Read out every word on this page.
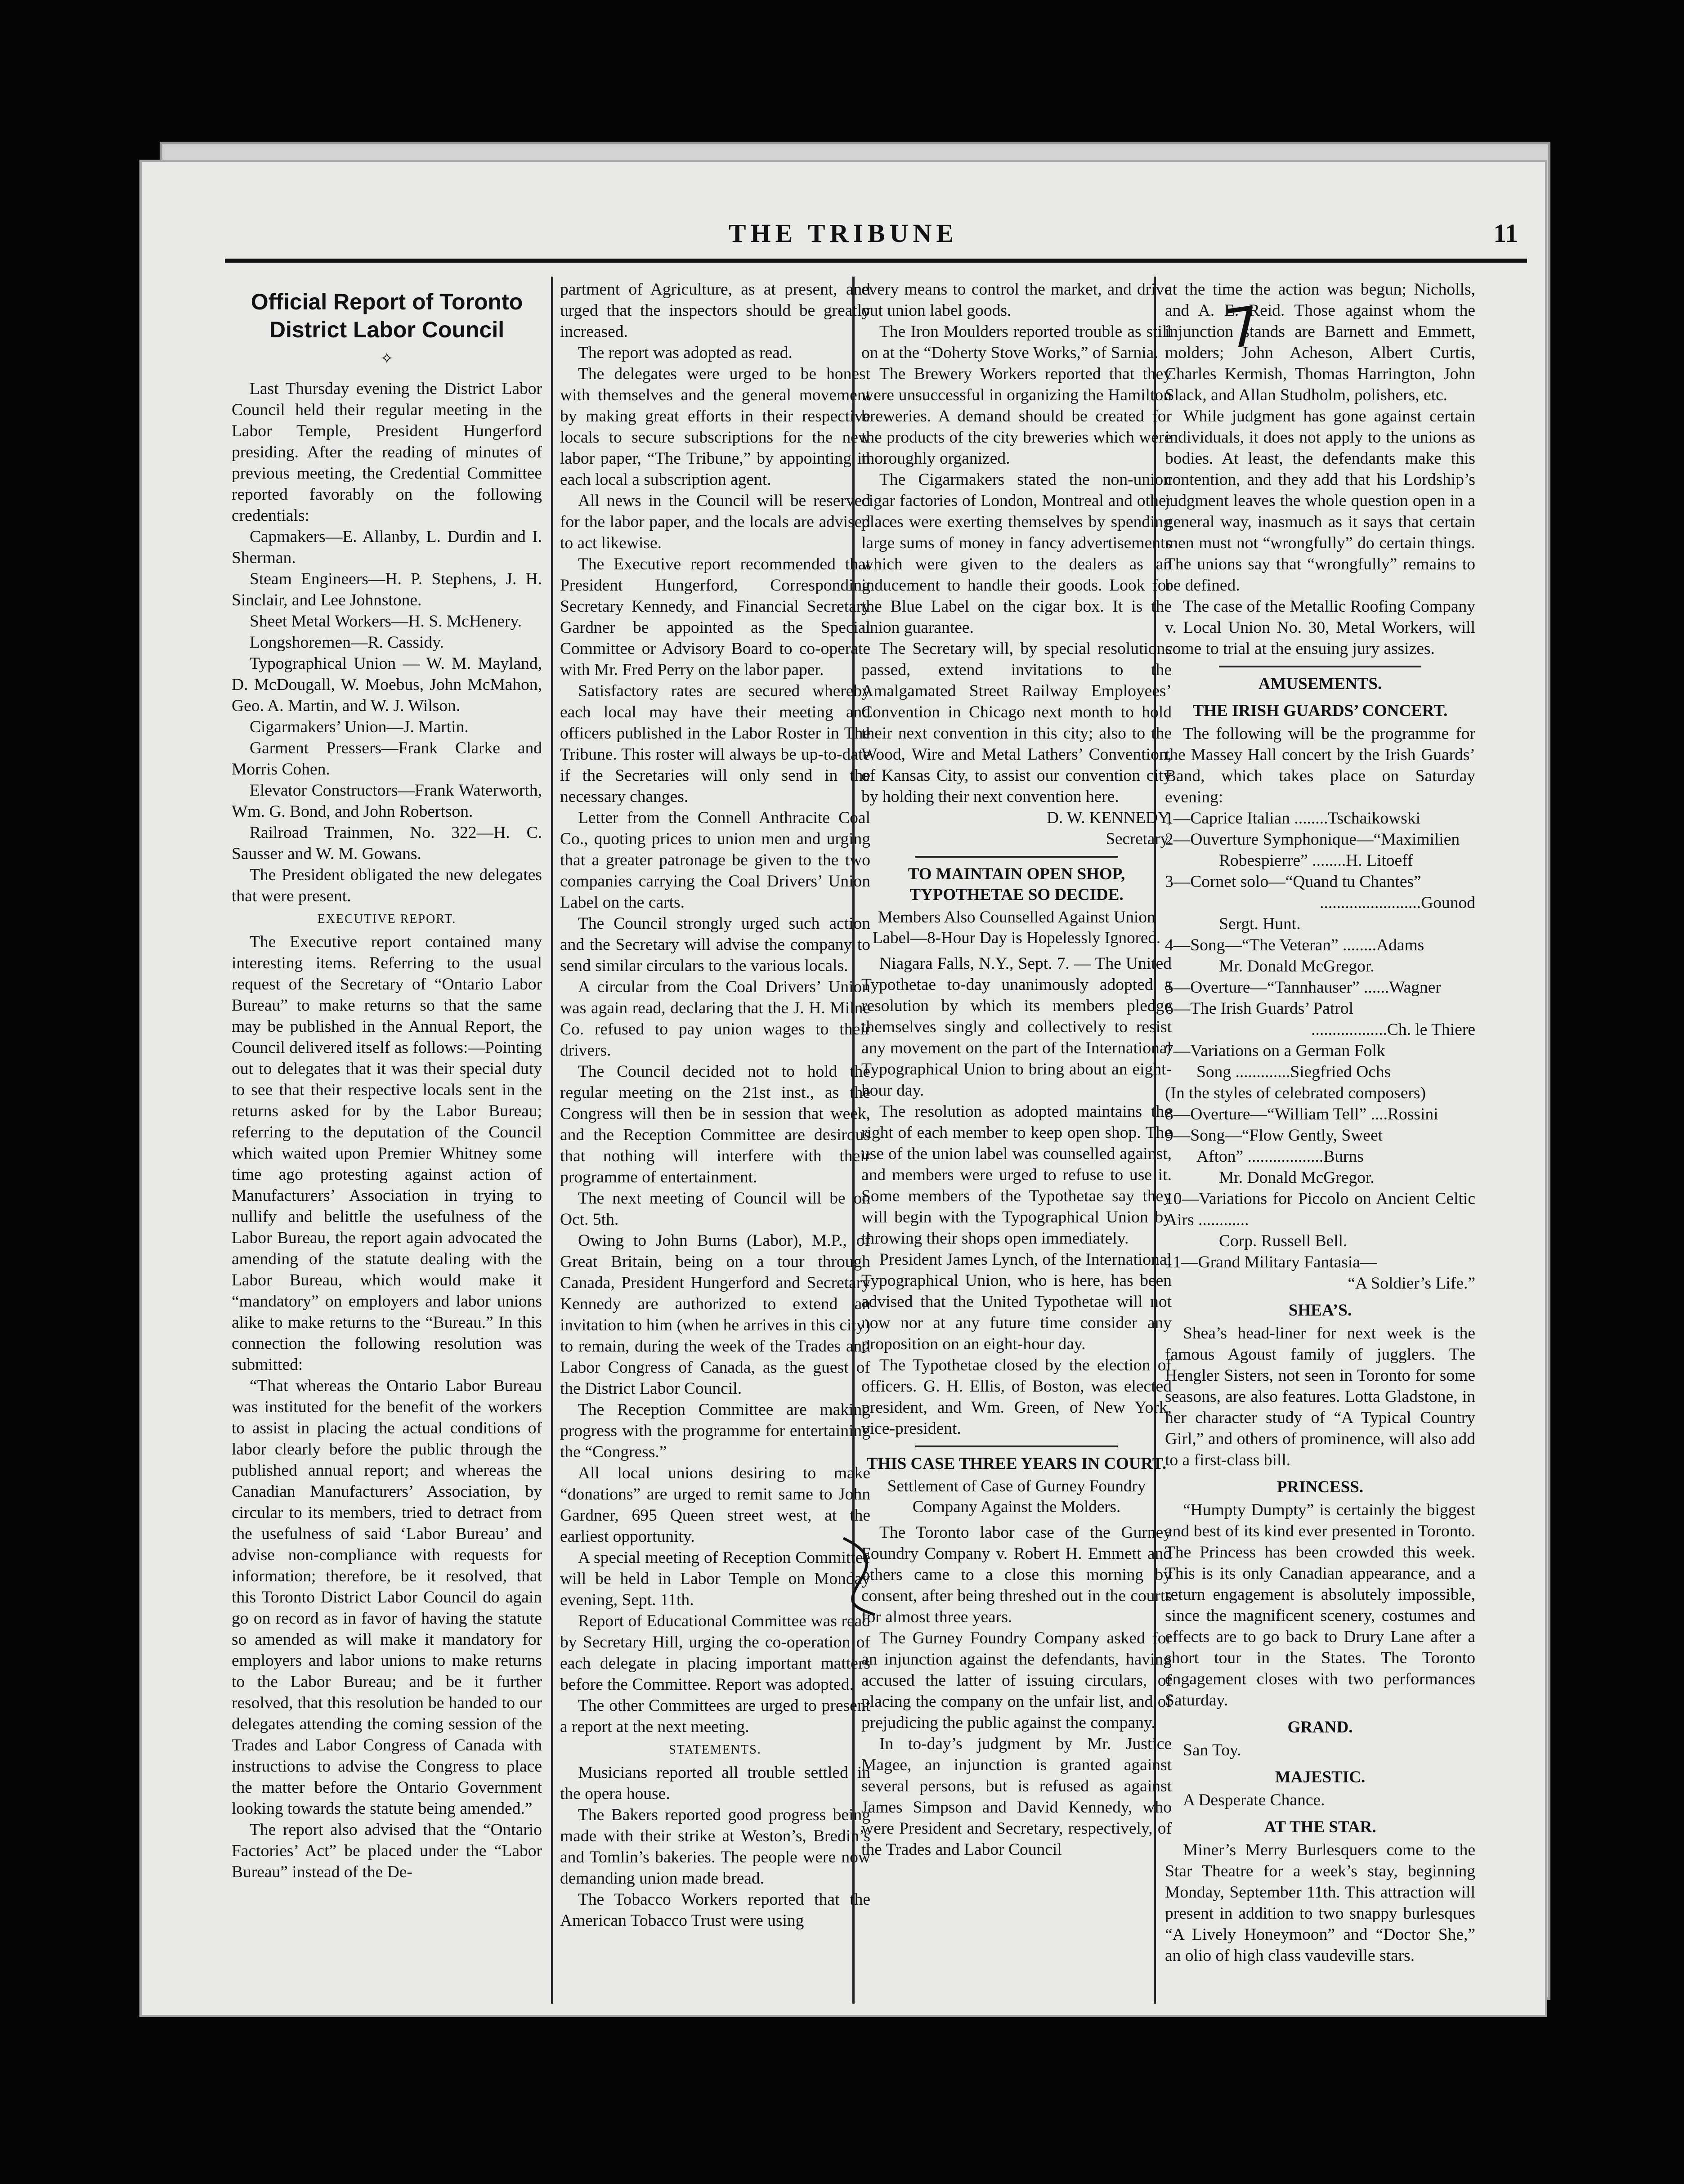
THE TRIBUNE	11
Official Report of Toronto
District Labor Council
✧

Last Thursday evening the District Labor Council held their regular meeting in the Labor Temple, President Hungerford presiding. After the reading of minutes of previous meeting, the Credential Committee reported favorably on the following credentials:

Capmakers—E. Allanby, L. Durdin and I. Sherman.

Steam Engineers—H. P. Stephens, J. H. Sinclair, and Lee Johnstone.

Sheet Metal Workers—H. S. McHenery.

Longshoremen—R. Cassidy.

Typographical Union — W. M. Mayland, D. McDougall, W. Moebus, John McMahon, Geo. A. Martin, and W. J. Wilson.

Cigarmakers’ Union—J. Martin.

Garment Pressers—Frank Clarke and Morris Cohen.

Elevator Constructors—Frank Waterworth, Wm. G. Bond, and John Robertson.

Railroad Trainmen, No. 322—H. C. Sausser and W. M. Gowans.

The President obligated the new delegates that were present.

EXECUTIVE REPORT.

The Executive report contained many interesting items. Referring to the usual request of the Secretary of “Ontario Labor Bureau” to make returns so that the same may be published in the Annual Report, the Council delivered itself as follows:—Pointing out to delegates that it was their special duty to see that their respective locals sent in the returns asked for by the Labor Bureau; referring to the deputation of the Council which waited upon Premier Whitney some time ago protesting against action of Manufacturers’ Association in trying to nullify and belittle the usefulness of the Labor Bureau, the report again advocated the amending of the statute dealing with the Labor Bureau, which would make it “mandatory” on employers and labor unions alike to make returns to the “Bureau.” In this connection the following resolution was submitted:

“That whereas the Ontario Labor Bureau was instituted for the benefit of the workers to assist in placing the actual conditions of labor clearly before the public through the published annual report; and whereas the Canadian Manufacturers’ Association, by circular to its members, tried to detract from the usefulness of said ‘Labor Bureau’ and advise non-compliance with requests for information; therefore, be it resolved, that this Toronto District Labor Council do again go on record as in favor of having the statute so amended as will make it mandatory for employers and labor unions to make returns to the Labor Bureau; and be it further resolved, that this resolution be handed to our delegates attending the coming session of the Trades and Labor Congress of Canada with instructions to advise the Congress to place the matter before the Ontario Government looking towards the statute being amended.”

The report also advised that the “Ontario Factories’ Act” be placed under the “Labor Bureau” instead of the De-

partment of Agriculture, as at present, and urged that the inspectors should be greatly increased.

The report was adopted as read.

The delegates were urged to be honest with themselves and the general movement by making great efforts in their respective locals to secure subscriptions for the new labor paper, “The Tribune,” by appointing in each local a subscription agent.

All news in the Council will be reserved for the labor paper, and the locals are advised to act likewise.

The Executive report recommended that President Hungerford, Corresponding Secretary Kennedy, and Financial Secretary Gardner be appointed as the Special Committee or Advisory Board to co-operate with Mr. Fred Perry on the labor paper.

Satisfactory rates are secured whereby each local may have their meeting and officers published in the Labor Roster in The Tribune. This roster will always be up-to-date if the Secretaries will only send in the necessary changes.

Letter from the Connell Anthracite Coal Co., quoting prices to union men and urging that a greater patronage be given to the two companies carrying the Coal Drivers’ Union Label on the carts.

The Council strongly urged such action and the Secretary will advise the company to send similar circulars to the various locals.

A circular from the Coal Drivers’ Union was again read, declaring that the J. H. Milne Co. refused to pay union wages to their drivers.

The Council decided not to hold the regular meeting on the 21st inst., as the Congress will then be in session that week, and the Reception Committee are desirous that nothing will interfere with their programme of entertainment.

The next meeting of Council will be on Oct. 5th.

Owing to John Burns (Labor), M.P., of Great Britain, being on a tour through Canada, President Hungerford and Secretary Kennedy are authorized to extend an invitation to him (when he arrives in this city) to remain, during the week of the Trades and Labor Congress of Canada, as the guest of the District Labor Council.

The Reception Committee are making progress with the programme for entertaining the “Congress.”

All local unions desiring to make “donations” are urged to remit same to John Gardner, 695 Queen street west, at the earliest opportunity.

A special meeting of Reception Committee will be held in Labor Temple on Monday evening, Sept. 11th.

Report of Educational Committee was read by Secretary Hill, urging the co-operation of each delegate in placing important matters before the Committee. Report was adopted.

The other Committees are urged to present a report at the next meeting.

STATEMENTS.

Musicians reported all trouble settled in the opera house.

The Bakers reported good progress being made with their strike at Weston’s, Bredin’s and Tomlin’s bakeries. The people were now demanding union made bread.

The Tobacco Workers reported that the American Tobacco Trust were using

every means to control the market, and drive out union label goods.

The Iron Moulders reported trouble as still on at the “Doherty Stove Works,” of Sarnia.

The Brewery Workers reported that they were unsuccessful in organizing the Hamilton breweries. A demand should be created for the products of the city breweries which were thoroughly organized.

The Cigarmakers stated the non-union cigar factories of London, Montreal and other places were exerting themselves by spending large sums of money in fancy advertisements which were given to the dealers as an inducement to handle their goods. Look for the Blue Label on the cigar box. It is the union guarantee.

The Secretary will, by special resolutions passed, extend invitations to the Amalgamated Street Railway Employees’ Convention in Chicago next month to hold their next convention in this city; also to the Wood, Wire and Metal Lathers’ Convention, of Kansas City, to assist our convention city by holding their next convention here.

D. W. KENNEDY,
Secretary.
TO MAINTAIN OPEN SHOP, TYPOTHETAE SO DECIDE.
Members Also Counselled Against Union Label—8-Hour Day is Hopelessly Ignored.

Niagara Falls, N.Y., Sept. 7. — The United Typothetae to-day unanimously adopted a resolution by which its members pledge themselves singly and collectively to resist any movement on the part of the International Typographical Union to bring about an eight-hour day.

The resolution as adopted maintains the right of each member to keep open shop. The use of the union label was counselled against, and members were urged to refuse to use it. Some members of the Typothetae say they will begin with the Typographical Union by throwing their shops open immediately.

President James Lynch, of the International Typographical Union, who is here, has been advised that the United Typothetae will not now nor at any future time consider any proposition on an eight-hour day.

The Typothetae closed by the election of officers. G. H. Ellis, of Boston, was elected president, and Wm. Green, of New York, vice-president.

THIS CASE THREE YEARS IN COURT.
Settlement of Case of Gurney Foundry Company Against the Molders.

The Toronto labor case of the Gurney Foundry Company v. Robert H. Emmett and others came to a close this morning by consent, after being threshed out in the courts for almost three years.

The Gurney Foundry Company asked for an injunction against the defendants, having accused the latter of issuing circulars, of placing the company on the unfair list, and of prejudicing the public against the company.

In to-day’s judgment by Mr. Justice Magee, an injunction is granted against several persons, but is refused as against James Simpson and David Kennedy, who were President and Secretary, respectively, of the Trades and Labor Council

at the time the action was begun; Nicholls, and A. E. Reid. Those against whom the injunction stands are Barnett and Emmett, molders; John Acheson, Albert Curtis, Charles Kermish, Thomas Harrington, John Slack, and Allan Studholm, polishers, etc.

While judgment has gone against certain individuals, it does not apply to the unions as bodies. At least, the defendants make this contention, and they add that his Lordship’s judgment leaves the whole question open in a general way, inasmuch as it says that certain men must not “wrongfully” do certain things. The unions say that “wrongfully” remains to be defined.

The case of the Metallic Roofing Company v. Local Union No. 30, Metal Workers, will come to trial at the ensuing jury assizes.

AMUSEMENTS.
THE IRISH GUARDS’ CONCERT.

The following will be the programme for the Massey Hall concert by the Irish Guards’ Band, which takes place on Saturday evening:

1—Caprice Italian ........Tschaikowski

2—Ouverture Symphonique—“Maximilien

Robespierre” ........H. Litoeff

3—Cornet solo—“Quand tu Chantes”

........................Gounod

Sergt. Hunt.

4—Song—“The Veteran” ........Adams

Mr. Donald McGregor.

5—Overture—“Tannhauser” ......Wagner

6—The Irish Guards’ Patrol

..................Ch. le Thiere

7—Variations on a German Folk

Song .............Siegfried Ochs

(In the styles of celebrated composers)

8—Overture—“William Tell” ....Rossini

9—Song—“Flow Gently, Sweet

Afton” ..................Burns

Mr. Donald McGregor.

10—Variations for Piccolo on Ancient Celtic Airs ............

Corp. Russell Bell.

11—Grand Military Fantasia—

“A Soldier’s Life.”

SHEA’S.

Shea’s head-liner for next week is the famous Agoust family of jugglers. The Hengler Sisters, not seen in Toronto for some seasons, are also features. Lotta Gladstone, in her character study of “A Typical Country Girl,” and others of prominence, will also add to a first-class bill.

PRINCESS.

“Humpty Dumpty” is certainly the biggest and best of its kind ever presented in Toronto. The Princess has been crowded this week. This is its only Canadian appearance, and a return engagement is absolutely impossible, since the magnificent scenery, costumes and effects are to go back to Drury Lane after a short tour in the States. The Toronto engagement closes with two performances Saturday.

GRAND.

San Toy.

MAJESTIC.

A Desperate Chance.

AT THE STAR.

Miner’s Merry Burlesquers come to the Star Theatre for a week’s stay, beginning Monday, September 11th. This attraction will present in addition to two snappy burlesques “A Lively Honeymoon” and “Doctor She,” an olio of high class vaudeville stars.

7
